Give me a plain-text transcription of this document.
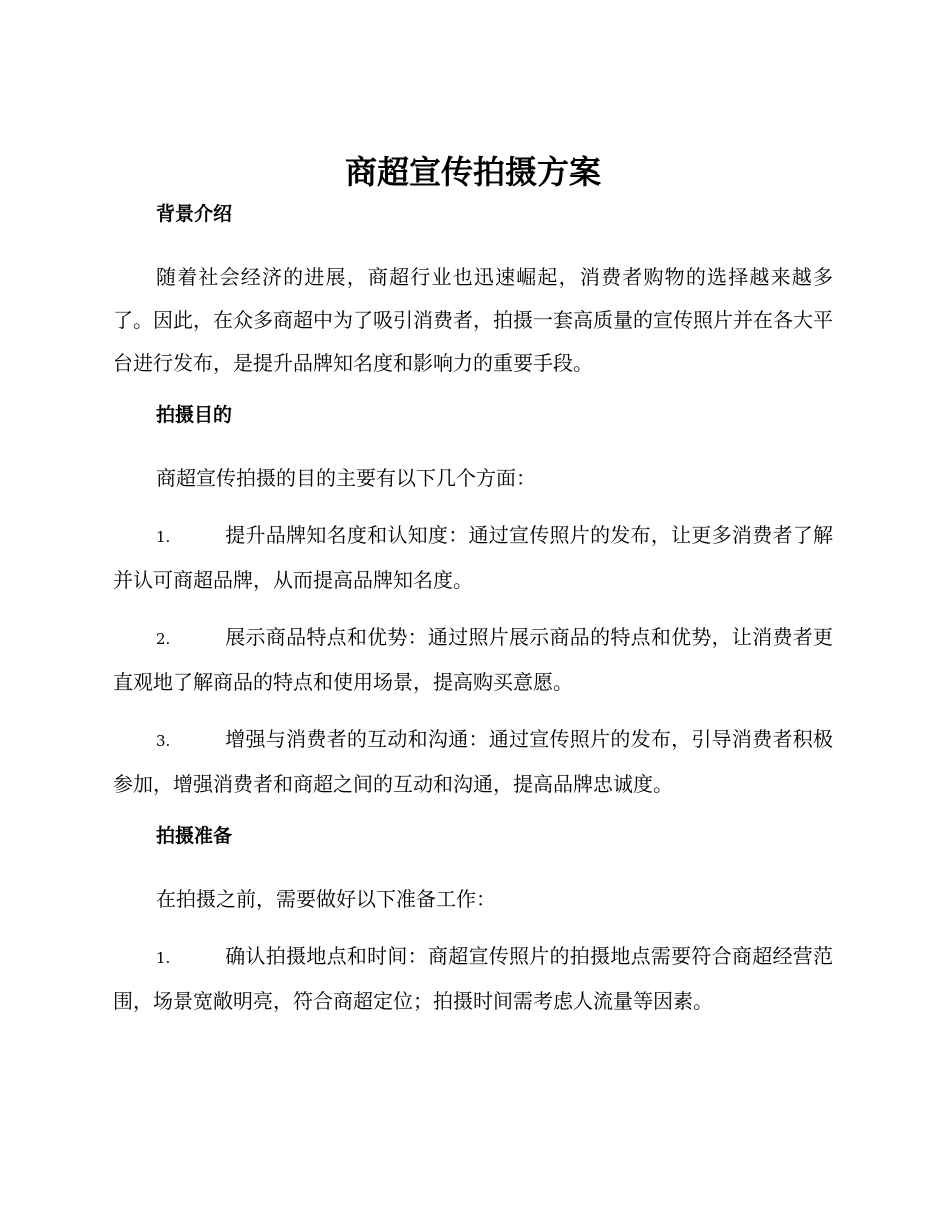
商超宣传拍摄方案
背景介绍

随着社会经济的进展，商超行业也迅速崛起，消费者购物的选择越来越多了。因此，在众多商超中为了吸引消费者，拍摄一套高质量的宣传照片并在各大平台进行发布，是提升品牌知名度和影响力的重要手段。

拍摄目的

商超宣传拍摄的目的主要有以下几个方面：

1.	提升品牌知名度和认知度：通过宣传照片的发布，让更多消费者了解并认可商超品牌，从而提高品牌知名度。

2.	展示商品特点和优势：通过照片展示商品的特点和优势，让消费者更直观地了解商品的特点和使用场景，提高购买意愿。

3.	增强与消费者的互动和沟通：通过宣传照片的发布，引导消费者积极参加，增强消费者和商超之间的互动和沟通，提高品牌忠诚度。

拍摄准备

在拍摄之前，需要做好以下准备工作：

1.	确认拍摄地点和时间：商超宣传照片的拍摄地点需要符合商超经营范围，场景宽敞明亮，符合商超定位；拍摄时间需考虑人流量等因素。
